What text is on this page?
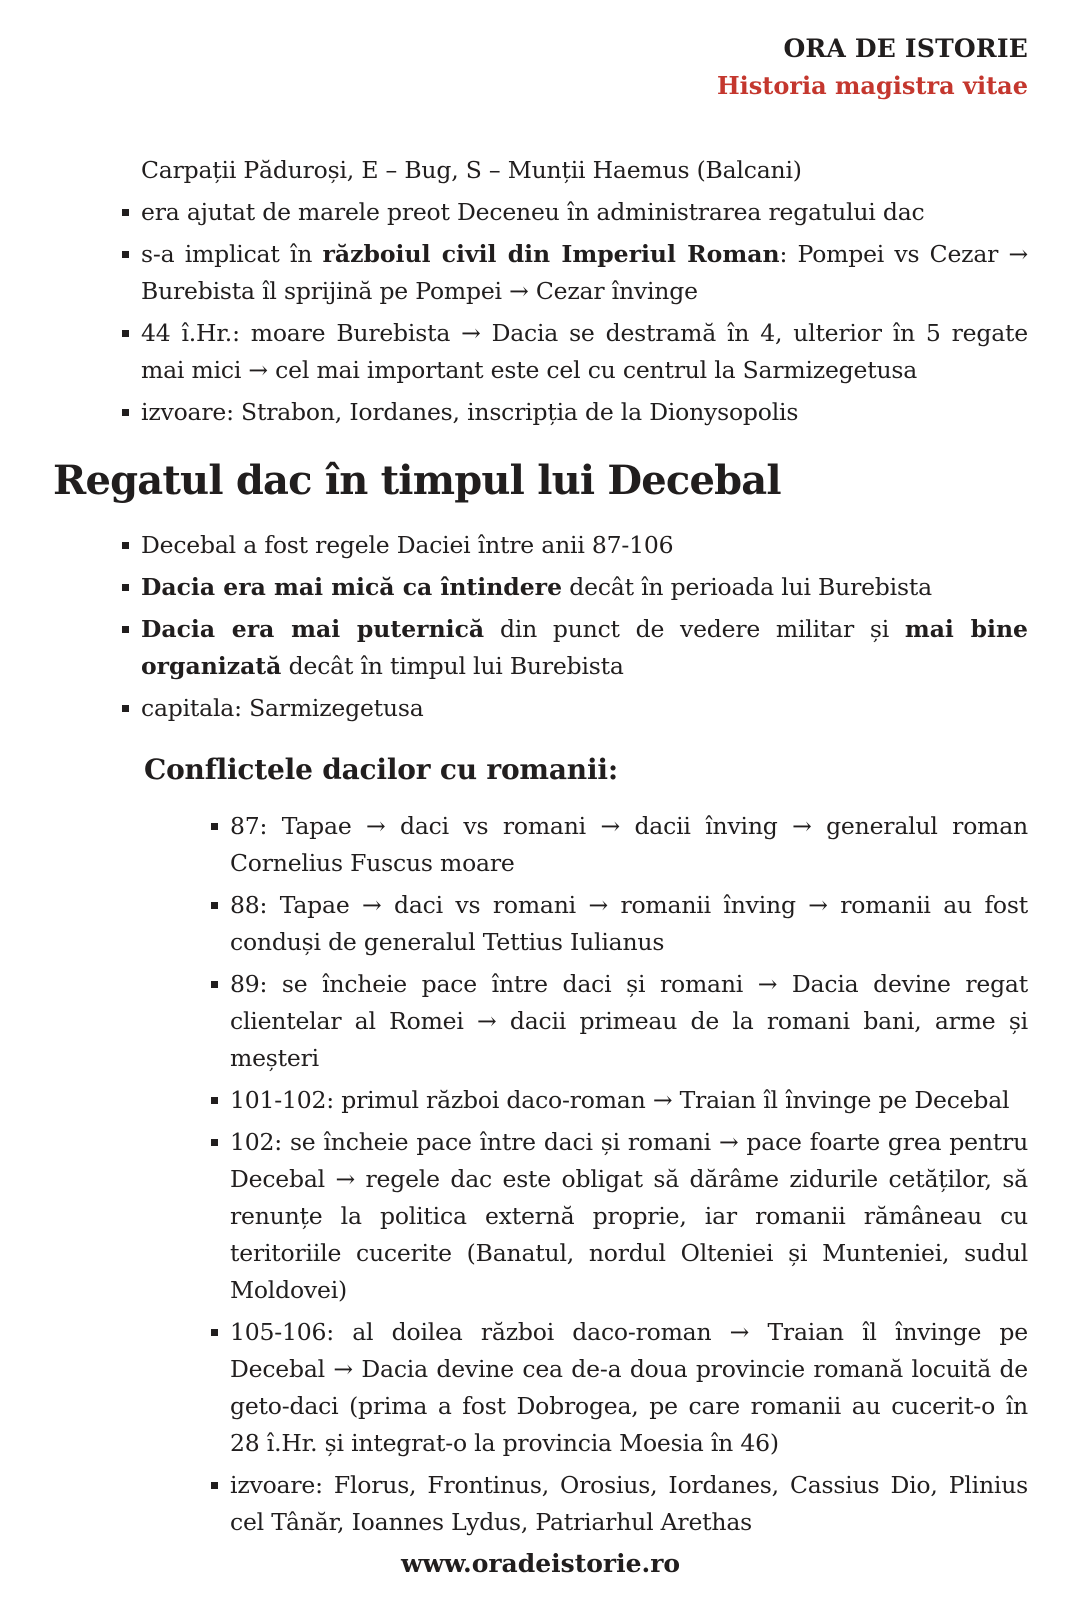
ORA DE ISTORIE
Historia magistra vitae
Carpații Păduroși, E – Bug, S – Munții Haemus (Balcani)
era ajutat de marele preot Deceneu în administrarea regatului dac
s-a implicat în războiul civil din Imperiul Roman: Pompei vs Cezar → Burebista îl sprijină pe Pompei → Cezar învinge
44 î.Hr.: moare Burebista → Dacia se destramă în 4, ulterior în 5 regate mai mici → cel mai important este cel cu centrul la Sarmizegetusa
izvoare: Strabon, Iordanes, inscripția de la Dionysopolis
Regatul dac în timpul lui Decebal
Decebal a fost regele Daciei între anii 87-106
Dacia era mai mică ca întindere decât în perioada lui Burebista
Dacia era mai puternică din punct de vedere militar și mai bine organizată decât în timpul lui Burebista
capitala: Sarmizegetusa
Conflictele dacilor cu romanii:
87: Tapae → daci vs romani → dacii înving → generalul roman Cornelius Fuscus moare
88: Tapae → daci vs romani → romanii înving → romanii au fost conduși de generalul Tettius Iulianus
89: se încheie pace între daci și romani → Dacia devine regat clientelar al Romei → dacii primeau de la romani bani, arme și meșteri
101-102: primul război daco-roman → Traian îl învinge pe Decebal
102: se încheie pace între daci și romani → pace foarte grea pentru Decebal → regele dac este obligat să dărâme zidurile cetăților, să renunțe la politica externă proprie, iar romanii rămâneau cu teritoriile cucerite (Banatul, nordul Olteniei și Munteniei, sudul Moldovei)
105-106: al doilea război daco-roman → Traian îl învinge pe Decebal → Dacia devine cea de-a doua provincie romană locuită de geto-daci (prima a fost Dobrogea, pe care romanii au cucerit-o în 28 î.Hr. și integrat-o la provincia Moesia în 46)
izvoare: Florus, Frontinus, Orosius, Iordanes, Cassius Dio, Plinius cel Tânăr, Ioannes Lydus, Patriarhul Arethas
www.oradeistorie.ro
